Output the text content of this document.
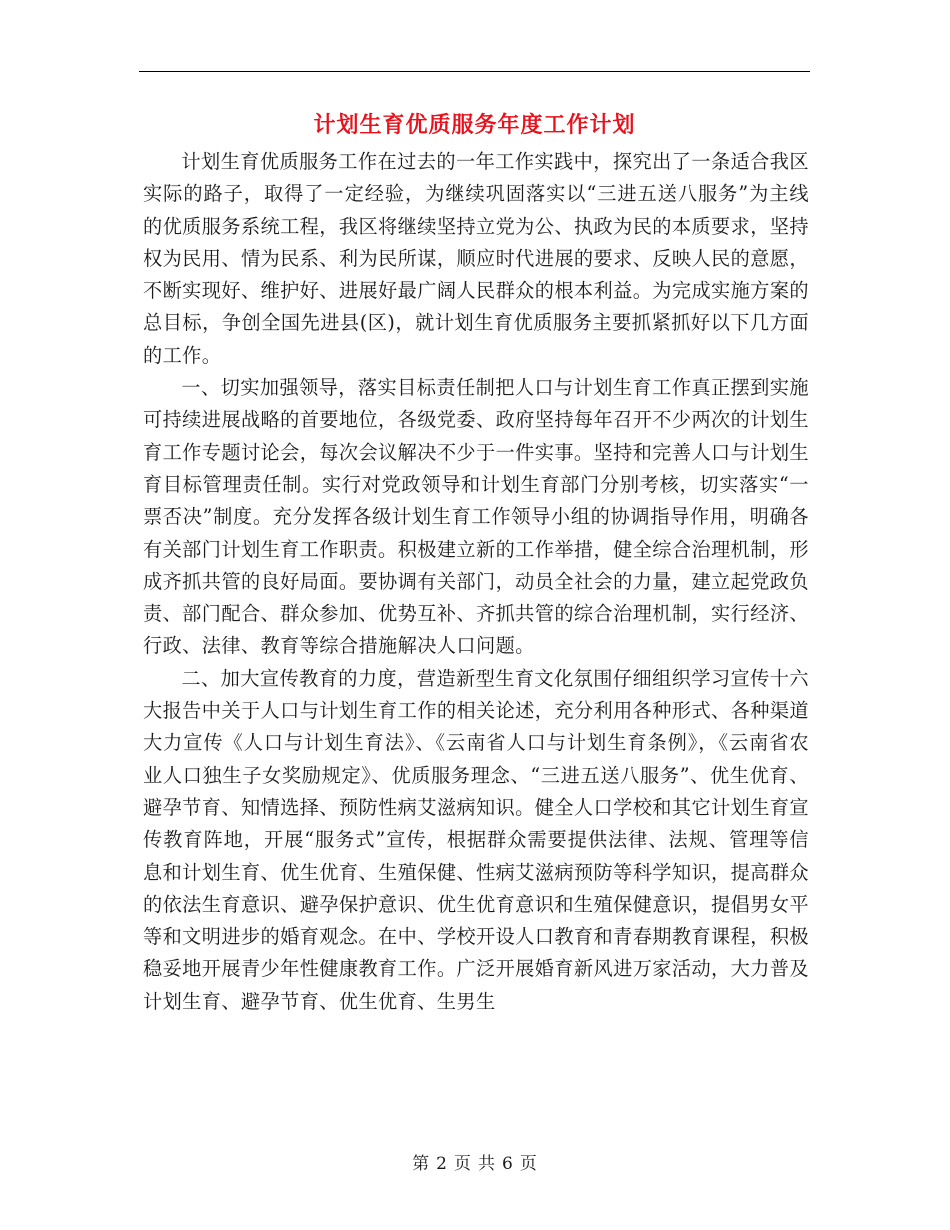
计划生育优质服务年度工作计划

计划生育优质服务工作在过去的一年工作实践中，探究出了一条适合我区实际的路子，取得了一定经验，为继续巩固落实以“三进五送八服务”为主线的优质服务系统工程，我区将继续坚持立党为公、执政为民的本质要求，坚持权为民用、情为民系、利为民所谋，顺应时代进展的要求、反映人民的意愿，不断实现好、维护好、进展好最广阔人民群众的根本利益。为完成实施方案的总目标，争创全国先进县(区)，就计划生育优质服务主要抓紧抓好以下几方面的工作。

一、切实加强领导，落实目标责任制把人口与计划生育工作真正摆到实施可持续进展战略的首要地位，各级党委、政府坚持每年召开不少两次的计划生育工作专题讨论会，每次会议解决不少于一件实事。坚持和完善人口与计划生育目标管理责任制。实行对党政领导和计划生育部门分别考核，切实落实“一票否决”制度。充分发挥各级计划生育工作领导小组的协调指导作用，明确各有关部门计划生育工作职责。积极建立新的工作举措，健全综合治理机制，形成齐抓共管的良好局面。要协调有关部门，动员全社会的力量，建立起党政负责、部门配合、群众参加、优势互补、齐抓共管的综合治理机制，实行经济、行政、法律、教育等综合措施解决人口问题。

二、加大宣传教育的力度，营造新型生育文化氛围仔细组织学习宣传十六大报告中关于人口与计划生育工作的相关论述，充分利用各种形式、各种渠道大力宣传《人口与计划生育法》、《云南省人口与计划生育条例》，《云南省农业人口独生子女奖励规定》、优质服务理念、“三进五送八服务”、优生优育、避孕节育、知情选择、预防性病艾滋病知识。健全人口学校和其它计划生育宣传教育阵地，开展“服务式”宣传，根据群众需要提供法律、法规、管理等信息和计划生育、优生优育、生殖保健、性病艾滋病预防等科学知识，提高群众的依法生育意识、避孕保护意识、优生优育意识和生殖保健意识，提倡男女平等和文明进步的婚育观念。在中、学校开设人口教育和青春期教育课程，积极稳妥地开展青少年性健康教育工作。广泛开展婚育新风进万家活动，大力普及计划生育、避孕节育、优生优育、生男生

第 2 页 共 6 页
